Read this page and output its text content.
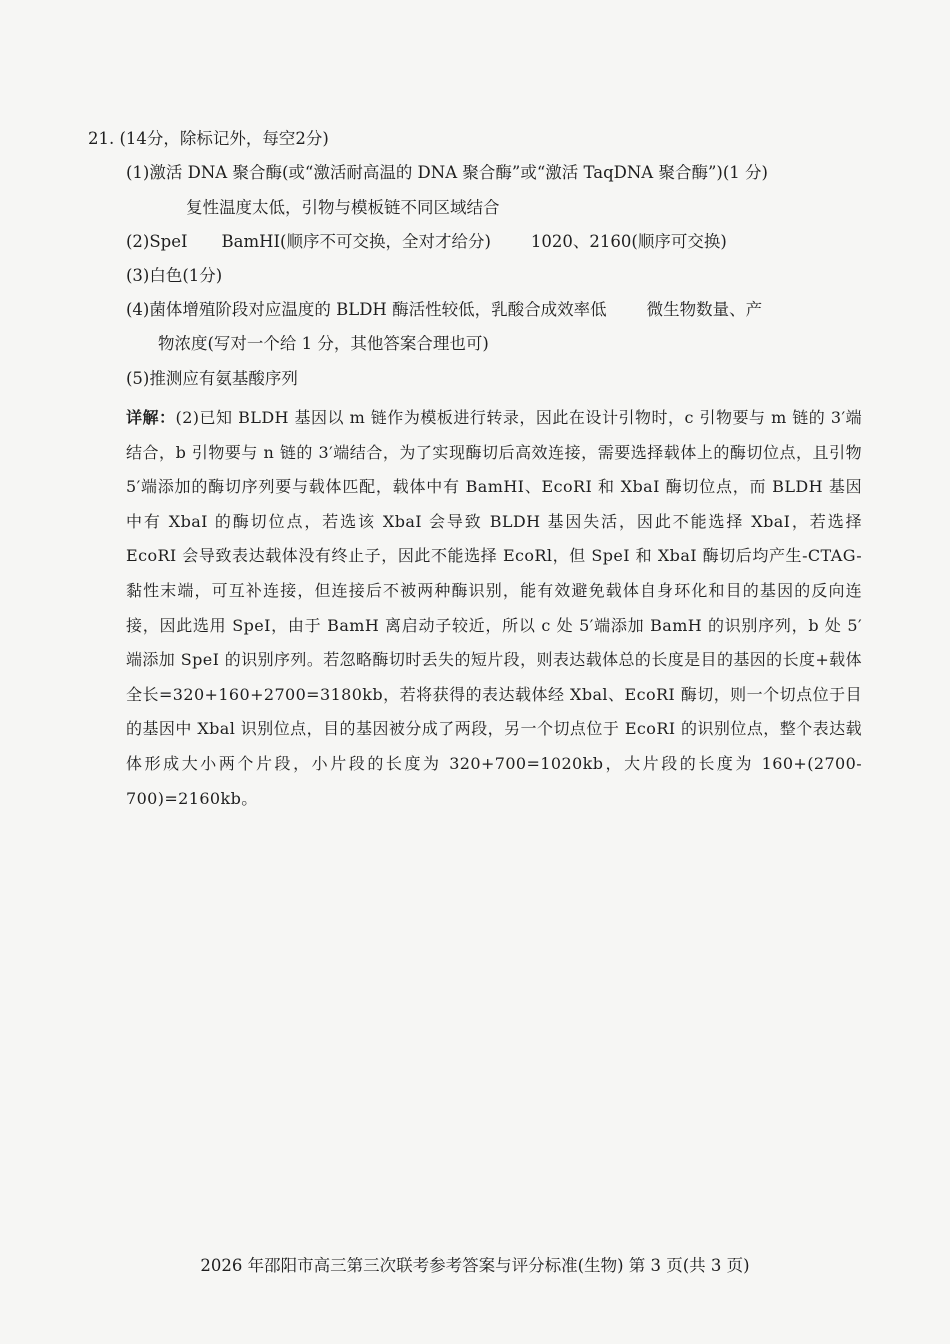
21. (14分，除标记外，每空2分)
(1)激活 DNA 聚合酶(或“激活耐高温的 DNA 聚合酶”或“激活 TaqDNA 聚合酶”)(1 分)
复性温度太低，引物与模板链不同区域结合
(2)SpeI BamHI(顺序不可交换，全对才给分) 1020、2160(顺序可交换)
(3)白色(1分)
(4)菌体增殖阶段对应温度的 BLDH 酶活性较低，乳酸合成效率低 微生物数量、产
物浓度(写对一个给 1 分，其他答案合理也可)
(5)推测应有氨基酸序列
详解：(2)已知 BLDH 基因以 m 链作为模板进行转录，因此在设计引物时，c 引物要与 m 链的 3′端结合，b 引物要与 n 链的 3′端结合，为了实现酶切后高效连接，需要选择载体上的酶切位点，且引物 5′端添加的酶切序列要与载体匹配，载体中有 BamHI、EcoRI 和 XbaI 酶切位点，而 BLDH 基因中有 XbaI 的酶切位点，若选该 XbaI 会导致 BLDH 基因失活，因此不能选择 XbaI，若选择 EcoRI 会导致表达载体没有终止子，因此不能选择 EcoRl，但 SpeI 和 XbaI 酶切后均产生-CTAG-黏性末端，可互补连接，但连接后不被两种酶识别，能有效避免载体自身环化和目的基因的反向连接，因此选用 SpeI，由于 BamH 离启动子较近，所以 c 处 5′端添加 BamH 的识别序列，b 处 5′端添加 SpeI 的识别序列。若忽略酶切时丢失的短片段，则表达载体总的长度是目的基因的长度+载体全长=320+160+2700=3180kb，若将获得的表达载体经 Xbal、EcoRI 酶切，则一个切点位于目的基因中 Xbal 识别位点，目的基因被分成了两段，另一个切点位于 EcoRI 的识别位点，整个表达载体形成大小两个片段，小片段的长度为 320+700=1020kb，大片段的长度为 160+(2700-700)=2160kb。
2026 年邵阳市高三第三次联考参考答案与评分标准(生物) 第 3 页(共 3 页)
